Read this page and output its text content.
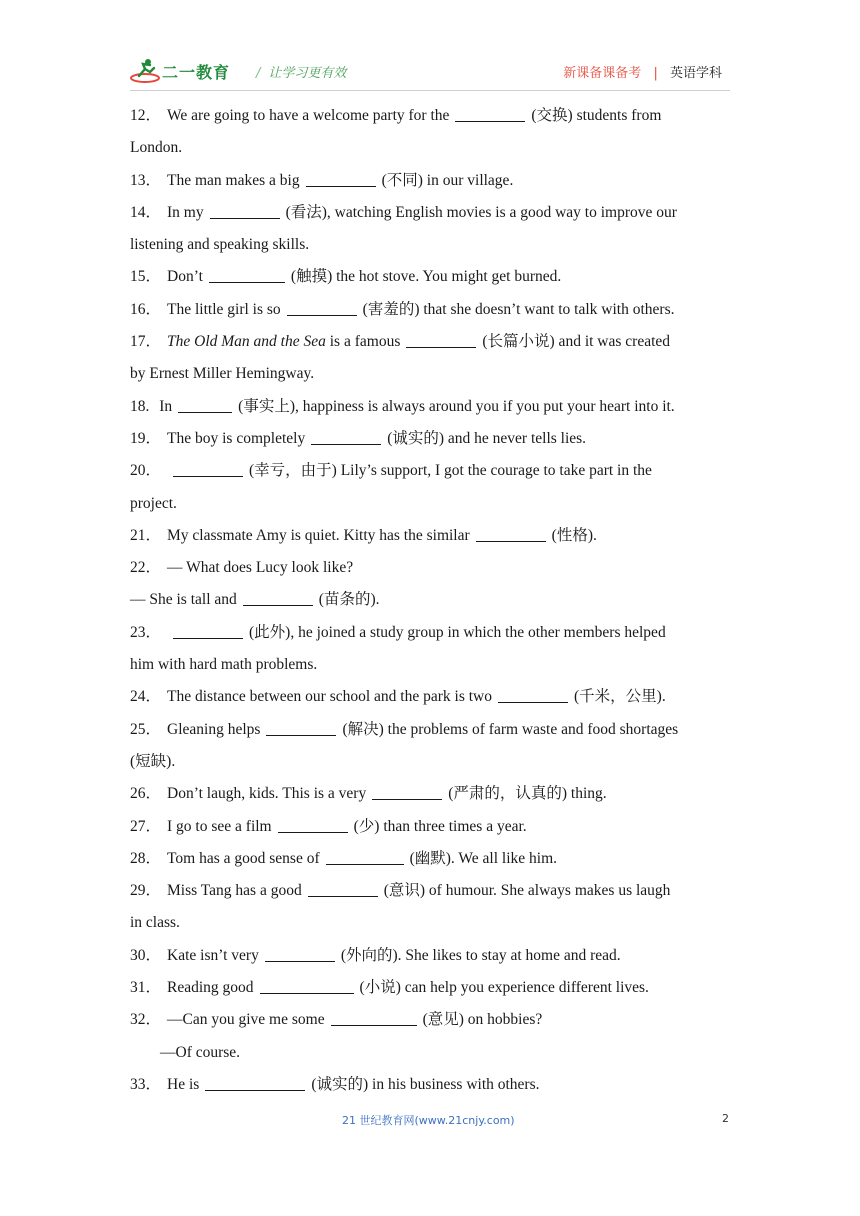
二一教育 / 让学习更有效	新课备课备考 | 英语学科
12． We are going to have a welcome party for the	(交换) students from
London.
13． The man makes a big	(不同) in our village.
14． In my	(看法), watching English movies is a good way to improve our
listening and speaking skills.
15． Don’t	(触摸) the hot stove. You might get burned.
16． The little girl is so	(害羞的) that she doesn’t want to talk with others.
17． The Old Man and the Sea is a famous	(长篇小说) and it was created
by Ernest Miller Hemingway.
18. In	(事实上), happiness is always around you if you put your heart into it.
19． The boy is completely	(诚实的) and he never tells lies.
20．	(幸亏，由于) Lily’s support, I got the courage to take part in the
project.
21． My classmate Amy is quiet. Kitty has the similar	(性格).
22． — What does Lucy look like?
— She is tall and	(苗条的).
23．	(此外), he joined a study group in which the other members helped
him with hard math problems.
24． The distance between our school and the park is two	(千米，公里).
25． Gleaning helps	(解决) the problems of farm waste and food shortages
(短缺).
26． Don’t laugh, kids. This is a very	(严肃的，认真的) thing.
27． I go to see a film	(少) than three times a year.
28． Tom has a good sense of	(幽默). We all like him.
29． Miss Tang has a good	(意识) of humour. She always makes us laugh
in class.
30． Kate isn’t very	(外向的). She likes to stay at home and read.
31． Reading good	(小说) can help you experience different lives.
32． —Can you give me some	(意见) on hobbies?
—Of course.
33． He is	(诚实的) in his business with others.
21 世纪教育网(www.21cnjy.com)	2
